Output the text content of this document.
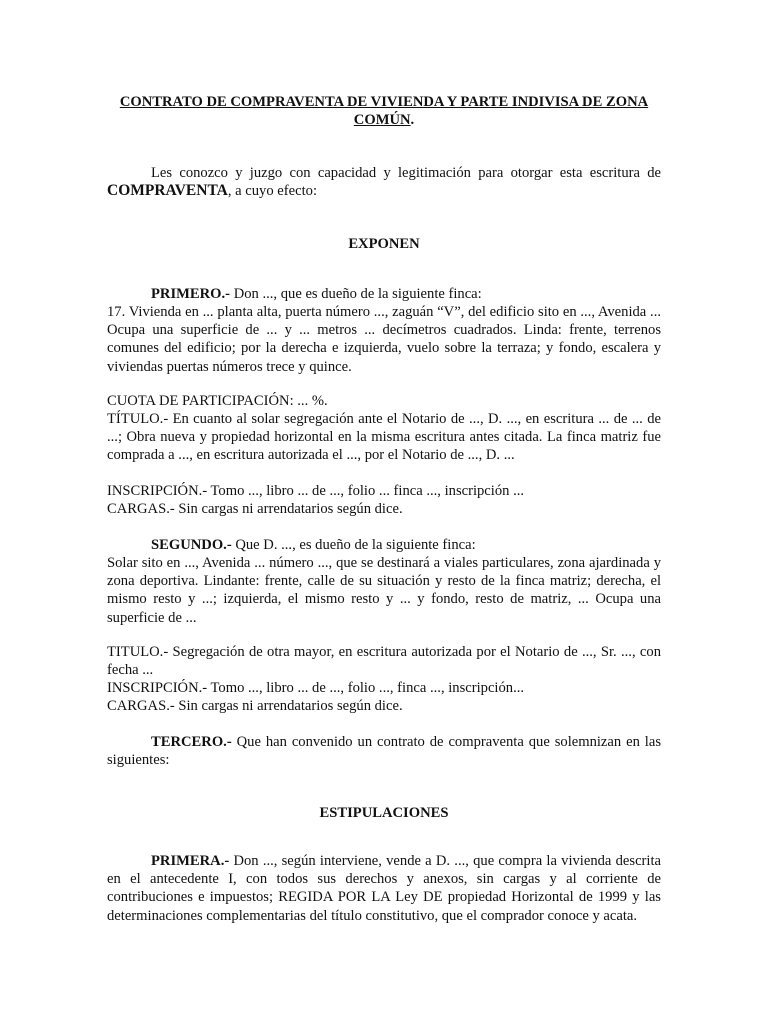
CONTRATO DE COMPRAVENTA DE VIVIENDA Y PARTE INDIVISA DE ZONA COMÚN.

Les conozco y juzgo con capacidad y legitimación para otorgar esta escritura de COMPRAVENTA, a cuyo efecto:

EXPONEN

PRIMERO.- Don ..., que es dueño de la siguiente finca:

17. Vivienda en ... planta alta, puerta número ..., zaguán “V”, del edificio sito en ..., Avenida ... Ocupa una superficie de ... y ... metros ... decímetros cuadrados. Linda: frente, terrenos comunes del edificio; por la derecha e izquierda, vuelo sobre la terraza; y fondo, escalera y viviendas puertas números trece y quince.

CUOTA DE PARTICIPACIÓN: ... %.

TÍTULO.- En cuanto al solar segregación ante el Notario de ..., D. ..., en escritura ... de ... de ...; Obra nueva y propiedad horizontal en la misma escritura antes citada. La finca matriz fue comprada a ..., en escritura autorizada el ..., por el Notario de ..., D. ...

INSCRIPCIÓN.- Tomo ..., libro ... de ..., folio ... finca ..., inscripción ...

CARGAS.- Sin cargas ni arrendatarios según dice.

SEGUNDO.- Que D. ..., es dueño de la siguiente finca:

Solar sito en ..., Avenida ... número ..., que se destinará a viales particulares, zona ajardinada y zona deportiva. Lindante: frente, calle de su situación y resto de la finca matriz; derecha, el mismo resto y ...; izquierda, el mismo resto y ... y fondo, resto de matriz, ... Ocupa una superficie de ...

TITULO.- Segregación de otra mayor, en escritura autorizada por el Notario de ..., Sr. ..., con fecha ...

INSCRIPCIÓN.- Tomo ..., libro ... de ..., folio ..., finca ..., inscripción...

CARGAS.- Sin cargas ni arrendatarios según dice.

TERCERO.- Que han convenido un contrato de compraventa que solemnizan en las siguientes:

ESTIPULACIONES

PRIMERA.- Don ..., según interviene, vende a D. ..., que compra la vivienda descrita en el antecedente I, con todos sus derechos y anexos, sin cargas y al corriente de contribuciones e impuestos; REGIDA POR LA Ley DE propiedad Horizontal de 1999 y las determinaciones complementarias del título constitutivo, que el comprador conoce y acata.
